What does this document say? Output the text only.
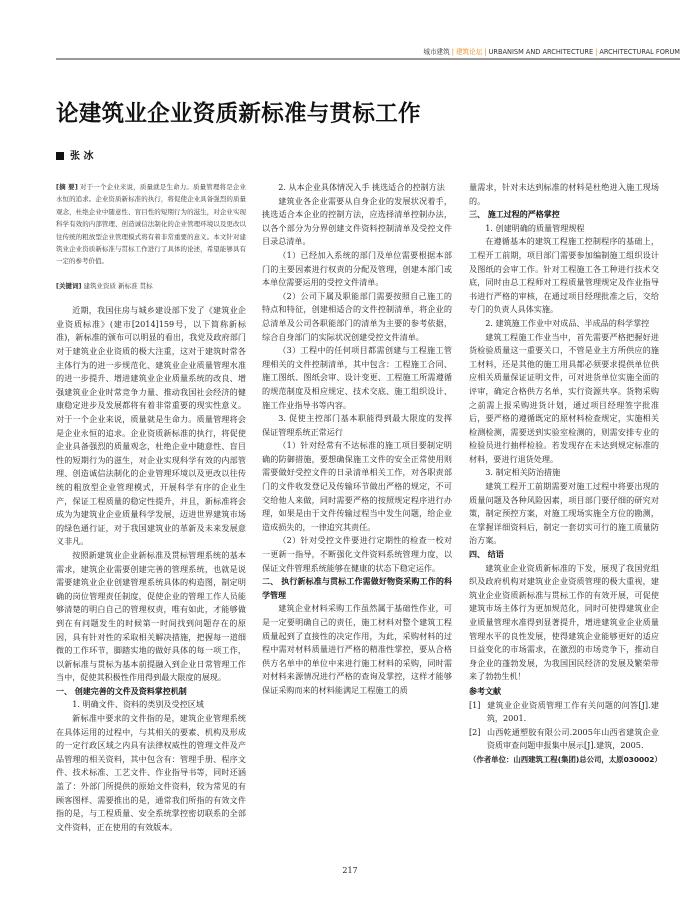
城市建筑 | 建筑论坛 | URBANISM AND ARCHITECTURE | ARCHITECTURAL FORUM
论建筑业企业资质新标准与贯标工作
张 冰

[摘 要] 对于一个企业来说，质量就是生命力。质量管理将是企业永恒的追求。企业资质新标准的执行，将促使企业具备强烈的质量观念，杜绝企业中随意性、盲目性的短期行为的滋生，对企业实现科学有效的内部管理、创造诚信法制化的企业管理环境以及更改以往传统的粗放型企业管理模式将有着非常重要的意义。本文针对建筑业企业资质新标准与贯标工作进行了具体的论述，希望能够具有一定的参考价值。

[关键词] 建筑业资质 新标准 贯标

近期，我国住房与城乡建设部下发了《建筑业企业资质标准》(建市[2014]159号，以下简称新标准)，新标准的颁布可以明显的看出，我党及政府部门对于建筑业企业资质的极大注重，这对于建筑时常各主体行为的进一步规范化、建筑业企业质量管理水准的进一步提升、增进建筑业企业质量系统的改良、增强建筑业企业时常竞争力量、推动我国社会经济的健康稳定进步及发展都将有着非常重要的现实性意义。对于一个企业来说，质量就是生命力。质量管理将会是企业永恒的追求。企业资质新标准的执行，将促使企业具备强烈的质量观念，杜绝企业中随意性、盲目性的短期行为的滋生，对企业实现科学有效的内部管理、创造诚信法制化的企业管理环境以及更改以往传统的粗放型企业管理模式，开展科学有序的企业生产，保证工程质量的稳定性提升，并且，新标准将会成为为建筑业企业质量科学发展，迈进世界建筑市场的绿色通行证，对于我国建筑业的革新及未来发展意义非凡。

按照新建筑业企业新标准及贯标管理系统的基本需求，建筑企业需要创建完善的管理系统，也就是说需要建筑业企业创建管理系统具体的构造图，制定明确的岗位管理责任制度，促使企业的管理工作人员能够清楚的明白自己的管理权责，唯有如此，才能够做到在有问题发生的时候第一时间找到问题存在的原因，具有针对性的采取相关解决措施，把握每一道细微的工作环节，脚踏实地的做好具体的每一项工作，以新标准与贯标为基本前提融入到企业日常管理工作当中，促使其积极性作用得到最大限度的展现。

一、 创建完善的文件及资料掌控机制

1. 明确文件、资料的类别及受控区域

新标准中要求的文件指的是，建筑企业管理系统在具体运用的过程中，与其相关的要素、机构及形成的一定行政区域之内具有法律权威性的管理文件及产品管理的相关资料，其中包含有：管理手册、程序文件、技术标准、工艺文件、作业指导书等，同时还涵盖了：外部门所提供的原始文件资料，较为常见的有顾客图样、需要推出的是，通常我们所指的有效文件指的是，与工程质量、安全系统掌控密切联系的全部文件资料，正在使用的有效版本。

2. 从本企业具体情况入手 挑选适合的控制方法

建筑业各企业需要从自身企业的发展状况着手，挑选适合本企业的控制方法，应选择清单控制办法，以各个部分为分界创建文件资料控制清单及受控文件目录总清单。

（1）已经加入系统的部门及单位需要根据本部门的主要因素进行权责的分配及管理，创建本部门或本单位需要运用的受控文件清单。

（2）公司下属及职能部门需要按照自己施工的特点和特征，创建相适合的文件控制清单，将企业的总清单及公司各职能部门的清单为主要的参考依据，综合自身部门的实际状况创建受控文件清单。

（3）工程中的任何项目都需创建与工程施工管理相关的文件控制清单，其中包含：工程施工合同、施工图纸、图纸会审、设计变更、工程施工所需遵循的规范制度及相应规定、技术交底、施工组织设计、施工作业指导书等内容。

3. 促使主控部门基本职能得到最大限度的发挥 保证管理系统正常运行

（1）针对经常有不达标准的施工项目要制定明确的防御措施，要想确保施工文件的安全正常使用则需要做好受控文件的日录清单相关工作，对各职责部门的文件收发登记及传输环节做出严格的规定，不可交给他人来做，同时需要严格的按照规定程序进行办理，如果是由于文件传输过程当中发生问题，给企业造成损失的，一律追究其责任。

（2）针对受控文件要进行定期性的检查一校对一更新一指导，不断强化文件资料系统管理力度，以保证文件管理系统能够在健康的状态下稳定运作。

二、 执行新标准与贯标工作需做好物资采购工作的科学管理

建筑企业材料采购工作虽然属于基础性作业，可是一定要明确自己的责任，施工材料对整个建筑工程质量起到了直接性的决定作用，为此，采购材料的过程中需对材料质量进行严格的精准性掌控，要从合格供方名单中的单位中来进行施工材料的采购，同时需对材料来源情况进行严格的查询及掌控，这样才能够保证采购而来的材料能满足工程施工的质

量需求，针对未达到标准的材料是杜绝进入施工现场的。

三、 施工过程的严格掌控

1. 创建明确的质量管理规程

在遵循基本的建筑工程施工控制程序的基础上，工程开工前期，项目部门需要参加编制施工组织设计及图纸的会审工作。针对工程施工各工种进行技术交底，同时由总工程师对工程质量管理规定及作业指导书进行严格的审核，在通过项目经理批准之后，交给专门的负责人具体实施。

2. 建筑施工作业中对成品、半成品的科学掌控

建筑工程施工作业当中，首先需要严格把握好进货检验质量这一重要关口，不管是业主方所供应的施工材料，还是其他的施工用具都必须要求提供单位供应相关质量保证证明文件，可对进货单位实施全面的评审，确定合格供方名单，实行资源共享。货物采购之前需上报采购进货计划，通过项目经理签字批准后，要严格的遵循既定的原材料检查规定，实施相关检测检测，需要送到实验室检测的，则需安排专业的检验员进行抽样检验。若发现存在未达到规定标准的材料，要进行退货处理。

3. 制定相关防治措施

建筑工程开工前期需要对施工过程中将要出现的质量问题及各种风险因素，项目部门要仔细的研究对策，制定预控方案，对施工现场实施全方位的勘测，在掌握详细资料后，制定一套切实可行的施工质量防治方案。

四、 结语

建筑业企业资质新标准的下发，展现了我国党组织及政府机构对建筑业企业资质管理的极大重视，建筑业企业资质新标准与贯标工作的有效开展，可促使建筑市场主体行为更加规范化，同时可使得建筑业企业质量管理水准得到显著提升，增进建筑业企业质量管理水平的良性发展，使得建筑企业能够更好的适应日益变化的市场需求，在激烈的市场竞争下，推动自身企业的蓬勃发展，为我国国民经济的发展及繁荣带来了勃勃生机！

参考文献

[1] 建筑业企业资质管理工作有关问题的问答[J].建筑，2001.

[2] 山西乾通塑胶有限公司.2005年山西省建筑企业资质审查问题申报集中展示[J].建筑，2005.

（作者单位：山西建筑工程(集团)总公司，太原030002）

217
